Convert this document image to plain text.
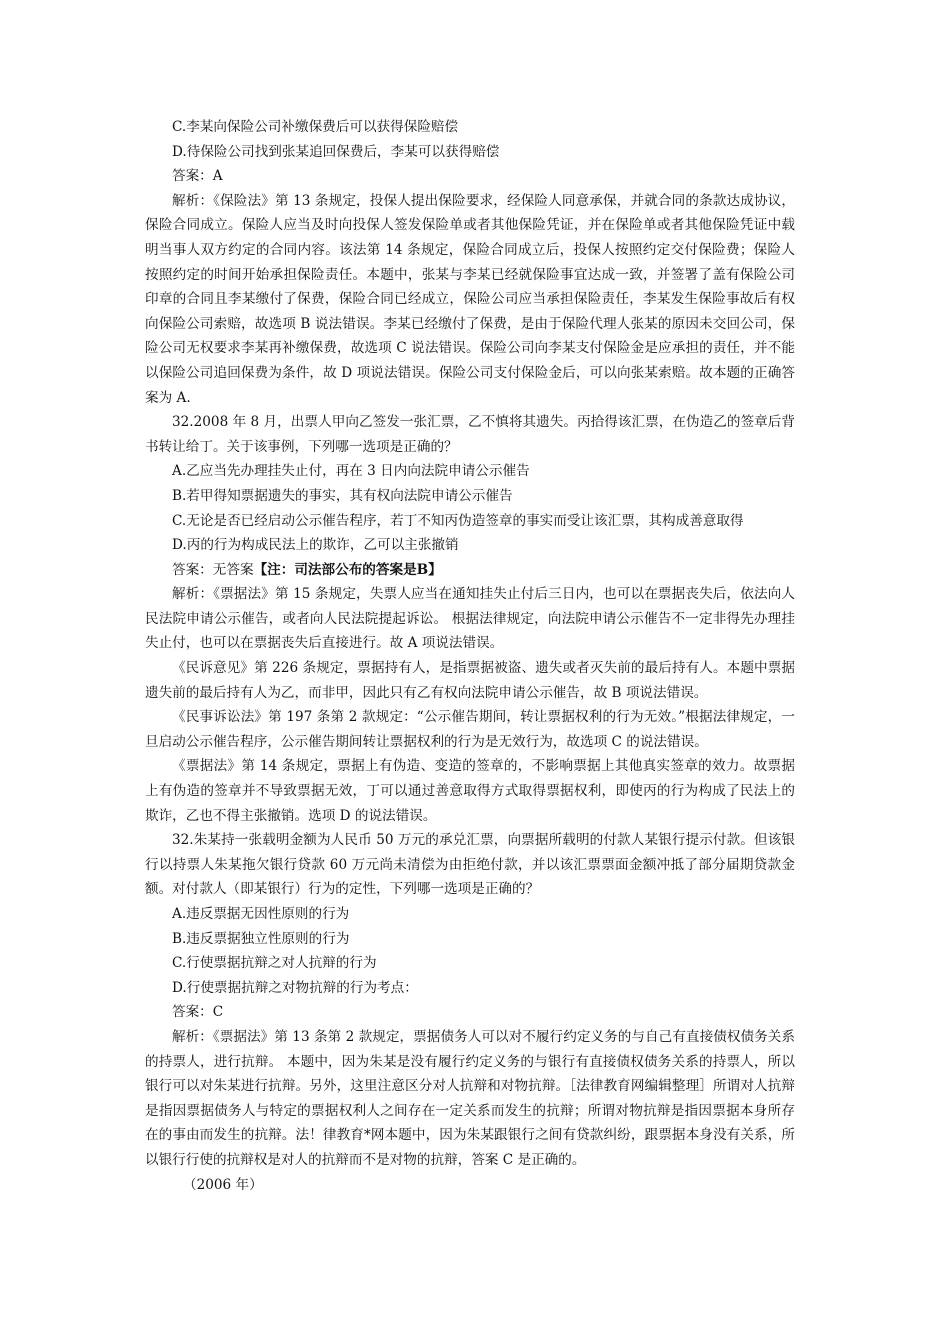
C.李某向保险公司补缴保费后可以获得保险赔偿

D.待保险公司找到张某追回保费后，李某可以获得赔偿

答案：A

解析：《保险法》第 13 条规定，投保人提出保险要求，经保险人同意承保，并就合同的条款达成协议，保险合同成立。保险人应当及时向投保人签发保险单或者其他保险凭证，并在保险单或者其他保险凭证中载明当事人双方约定的合同内容。该法第 14 条规定，保险合同成立后，投保人按照约定交付保险费；保险人按照约定的时间开始承担保险责任。本题中，张某与李某已经就保险事宜达成一致，并签署了盖有保险公司印章的合同且李某缴付了保费，保险合同已经成立，保险公司应当承担保险责任，李某发生保险事故后有权向保险公司索赔，故选项 B 说法错误。李某已经缴付了保费，是由于保险代理人张某的原因未交回公司，保险公司无权要求李某再补缴保费，故选项 C 说法错误。保险公司向李某支付保险金是应承担的责任，并不能以保险公司追回保费为条件，故 D 项说法错误。保险公司支付保险金后，可以向张某索赔。故本题的正确答案为 A.

32.2008 年 8 月，出票人甲向乙签发一张汇票，乙不慎将其遗失。丙拾得该汇票，在伪造乙的签章后背书转让给丁。关于该事例，下列哪一选项是正确的？

A.乙应当先办理挂失止付，再在 3 日内向法院申请公示催告

B.若甲得知票据遗失的事实，其有权向法院申请公示催告

C.无论是否已经启动公示催告程序，若丁不知丙伪造签章的事实而受让该汇票，其构成善意取得

D.丙的行为构成民法上的欺诈，乙可以主张撤销

答案：无答案【注：司法部公布的答案是B】

解析：《票据法》第 15 条规定，失票人应当在通知挂失止付后三日内，也可以在票据丧失后，依法向人民法院申请公示催告，或者向人民法院提起诉讼。 根据法律规定，向法院申请公示催告不一定非得先办理挂失止付，也可以在票据丧失后直接进行。故 A 项说法错误。

《民诉意见》第 226 条规定，票据持有人，是指票据被盗、遗失或者灭失前的最后持有人。本题中票据遗失前的最后持有人为乙，而非甲，因此只有乙有权向法院申请公示催告，故 B 项说法错误。

《民事诉讼法》第 197 条第 2 款规定：“公示催告期间，转让票据权利的行为无效。”根据法律规定，一旦启动公示催告程序，公示催告期间转让票据权利的行为是无效行为，故选项 C 的说法错误。

《票据法》第 14 条规定，票据上有伪造、变造的签章的，不影响票据上其他真实签章的效力。故票据上有伪造的签章并不导致票据无效，丁可以通过善意取得方式取得票据权利，即使丙的行为构成了民法上的欺诈，乙也不得主张撤销。选项 D 的说法错误。

32.朱某持一张载明金额为人民币 50 万元的承兑汇票，向票据所载明的付款人某银行提示付款。但该银行以持票人朱某拖欠银行贷款 60 万元尚未清偿为由拒绝付款，并以该汇票票面金额冲抵了部分届期贷款金额。对付款人（即某银行）行为的定性，下列哪一选项是正确的？

A.违反票据无因性原则的行为

B.违反票据独立性原则的行为

C.行使票据抗辩之对人抗辩的行为

D.行使票据抗辩之对物抗辩的行为考点：

答案：C

解析：《票据法》第 13 条第 2 款规定，票据债务人可以对不履行约定义务的与自己有直接债权债务关系的持票人，进行抗辩。 本题中，因为朱某是没有履行约定义务的与银行有直接债权债务关系的持票人，所以银行可以对朱某进行抗辩。另外，这里注意区分对人抗辩和对物抗辩。［法律教育网编辑整理］所谓对人抗辩是指因票据债务人与特定的票据权利人之间存在一定关系而发生的抗辩；所谓对物抗辩是指因票据本身所存在的事由而发生的抗辩。法！律教育*网本题中，因为朱某跟银行之间有贷款纠纷，跟票据本身没有关系，所以银行行使的抗辩权是对人的抗辩而不是对物的抗辩，答案 C 是正确的。

（2006 年）
